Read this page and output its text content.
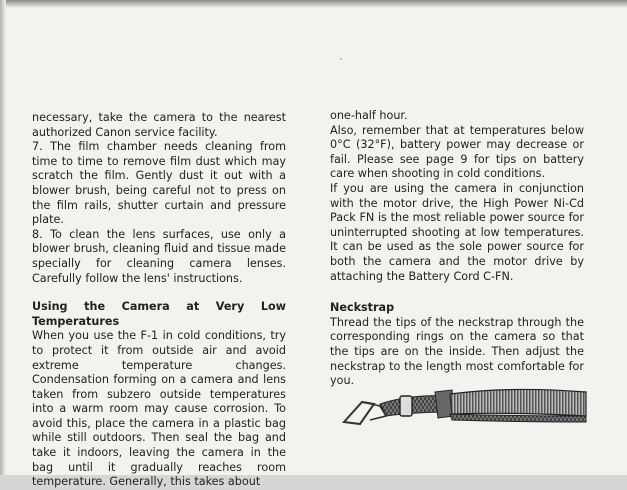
necessary, take the camera to the nearest authorized Canon service facility.

7. The film chamber needs cleaning from time to time to remove film dust which may scratch the film. Gently dust it out with a blower brush, being careful not to press on the film rails, shutter curtain and pressure plate.

8. To clean the lens surfaces, use only a blower brush, cleaning fluid and tissue made specially for cleaning camera lenses. Carefully follow the lens' instructions.

Using the Camera at Very Low Temperatures

When you use the F-1 in cold conditions, try to protect it from outside air and avoid extreme temperature changes. Condensation forming on a camera and lens taken from subzero outside temperatures into a warm room may cause corrosion. To avoid this, place the camera in a plastic bag while still outdoors. Then seal the bag and take it indoors, leaving the camera in the bag until it gradually reaches room temperature. Generally, this takes about

one-half hour.

Also, remember that at temperatures below 0°C (32°F), battery power may decrease or fail. Please see page 9 for tips on battery care when shooting in cold conditions.

If you are using the camera in conjunction with the motor drive, the High Power Ni-Cd Pack FN is the most reliable power source for uninterrupted shooting at low temperatures. It can be used as the sole power source for both the camera and the motor drive by attaching the Battery Cord C-FN.

Neckstrap

Thread the tips of the neckstrap through the corresponding rings on the camera so that the tips are on the inside. Then adjust the neckstrap to the length most comfortable for you.
